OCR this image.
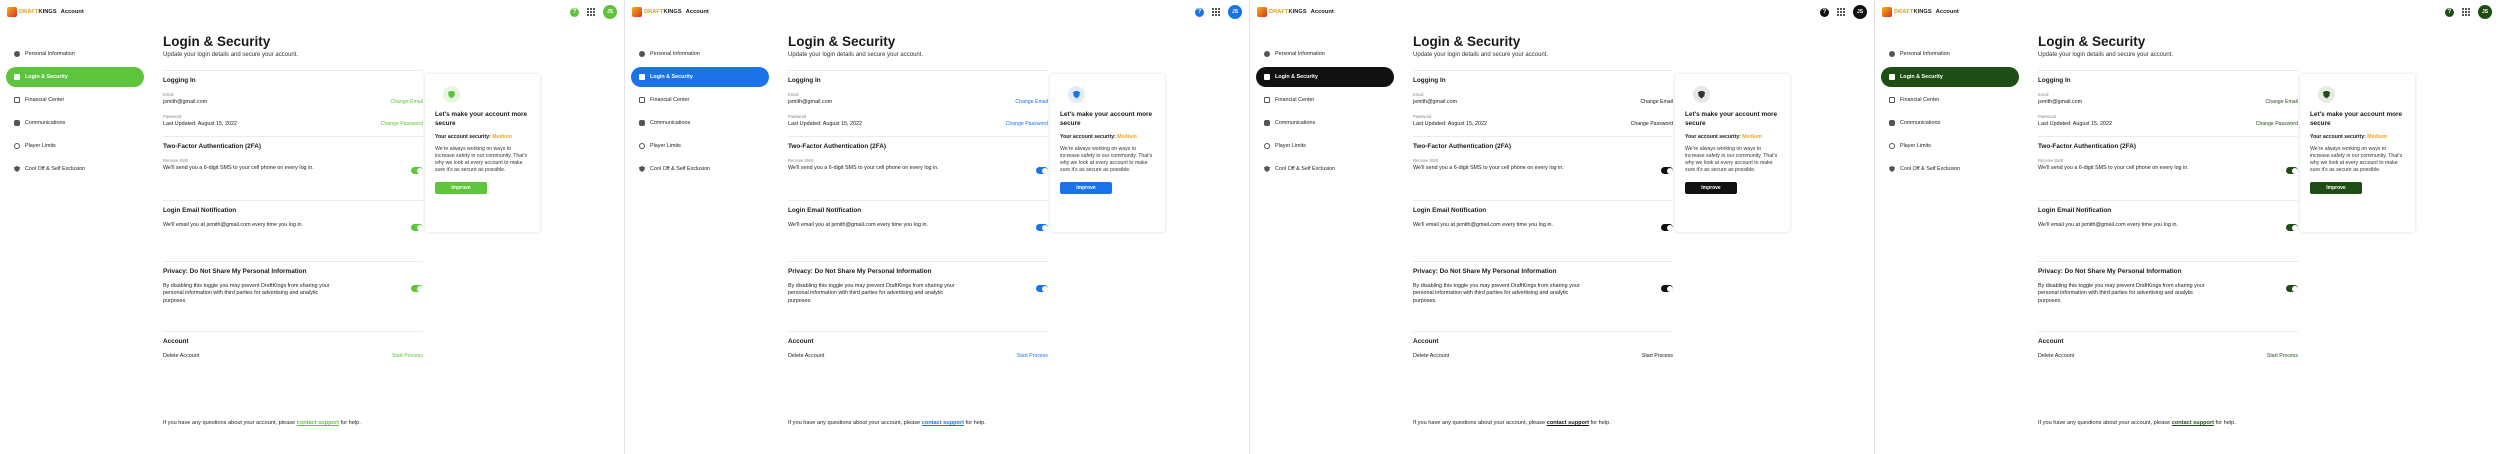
DRAFTKINGS Account	?	JS
Personal Information
Login & Security
Financial Center
Communications
Player Limits
Cool Off & Self Exclusion
Login & Security

Update your login details and secure your account.

Logging In
Email
jsmith@gmail.com	Change Email
Password
Last Updated: August 15, 2022	Change Password
Two-Factor Authentication (2FA)
Receive SMS
We'll send you a 6-digit SMS to your cell phone on every log in.
Login Email Notification
We'll email you at jsmith@gmail.com every time you log in.
Privacy: Do Not Share My Personal Information
By disabling this toggle you may prevent DraftKings from sharing your personal information with third parties for advertising and analytic purposes.
Account
Delete Account	Start Process

If you have any questions about your account, please contact support for help.

Let's make your account more secure
Your account security: Medium
We're always working on ways to increase safety in our community. That's why we look at every account to make sure it's as secure as possible.
Improve
DRAFTKINGS Account	?	JS
Personal Information
Login & Security
Financial Center
Communications
Player Limits
Cool Off & Self Exclusion
Login & Security

Update your login details and secure your account.

Logging In
Email
jsmith@gmail.com	Change Email
Password
Last Updated: August 15, 2022	Change Password
Two-Factor Authentication (2FA)
Receive SMS
We'll send you a 6-digit SMS to your cell phone on every log in.
Login Email Notification
We'll email you at jsmith@gmail.com every time you log in.
Privacy: Do Not Share My Personal Information
By disabling this toggle you may prevent DraftKings from sharing your personal information with third parties for advertising and analytic purposes.
Account
Delete Account	Start Process

If you have any questions about your account, please contact support for help.

Let's make your account more secure
Your account security: Medium
We're always working on ways to increase safety in our community. That's why we look at every account to make sure it's as secure as possible.
Improve
DRAFTKINGS Account	?	JS
Personal Information
Login & Security
Financial Center
Communications
Player Limits
Cool Off & Self Exclusion
Login & Security

Update your login details and secure your account.

Logging In
Email
jsmith@gmail.com	Change Email
Password
Last Updated: August 15, 2022	Change Password
Two-Factor Authentication (2FA)
Receive SMS
We'll send you a 6-digit SMS to your cell phone on every log in.
Login Email Notification
We'll email you at jsmith@gmail.com every time you log in.
Privacy: Do Not Share My Personal Information
By disabling this toggle you may prevent DraftKings from sharing your personal information with third parties for advertising and analytic purposes.
Account
Delete Account	Start Process

If you have any questions about your account, please contact support for help.

Let's make your account more secure
Your account security: Medium
We're always working on ways to increase safety in our community. That's why we look at every account to make sure it's as secure as possible.
Improve
DRAFTKINGS Account	?	JS
Personal Information
Login & Security
Financial Center
Communications
Player Limits
Cool Off & Self Exclusion
Login & Security

Update your login details and secure your account.

Logging In
Email
jsmith@gmail.com	Change Email
Password
Last Updated: August 15, 2022	Change Password
Two-Factor Authentication (2FA)
Receive SMS
We'll send you a 6-digit SMS to your cell phone on every log in.
Login Email Notification
We'll email you at jsmith@gmail.com every time you log in.
Privacy: Do Not Share My Personal Information
By disabling this toggle you may prevent DraftKings from sharing your personal information with third parties for advertising and analytic purposes.
Account
Delete Account	Start Process

If you have any questions about your account, please contact support for help.

Let's make your account more secure
Your account security: Medium
We're always working on ways to increase safety in our community. That's why we look at every account to make sure it's as secure as possible.
Improve
